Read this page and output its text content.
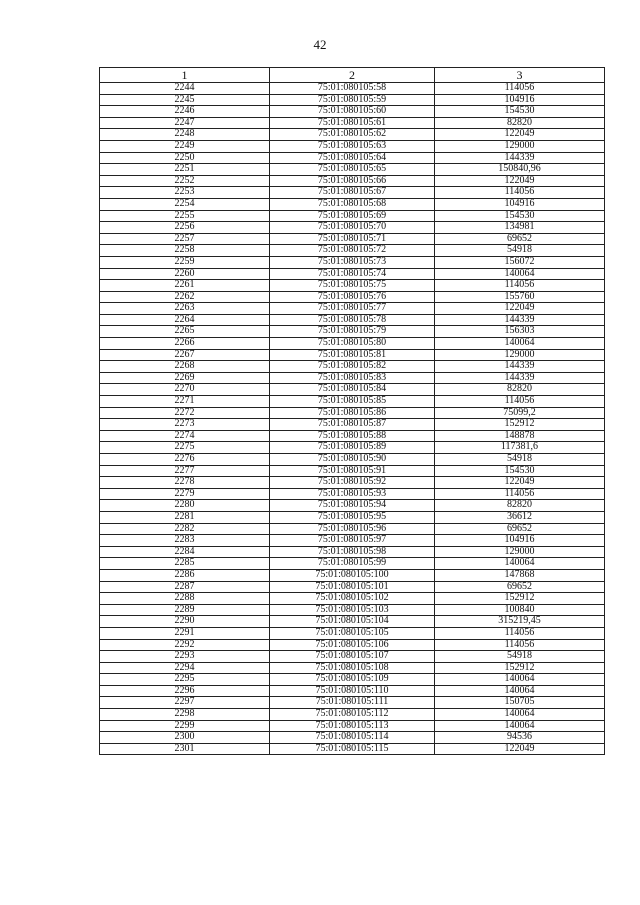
42
1	2	3
2244	75:01:080105:58	114056
2245	75:01:080105:59	104916
2246	75:01:080105:60	154530
2247	75:01:080105:61	82820
2248	75:01:080105:62	122049
2249	75:01:080105:63	129000
2250	75:01:080105:64	144339
2251	75:01:080105:65	150840,96
2252	75:01:080105:66	122049
2253	75:01:080105:67	114056
2254	75:01:080105:68	104916
2255	75:01:080105:69	154530
2256	75:01:080105:70	134981
2257	75:01:080105:71	69652
2258	75:01:080105:72	54918
2259	75:01:080105:73	156072
2260	75:01:080105:74	140064
2261	75:01:080105:75	114056
2262	75:01:080105:76	155760
2263	75:01:080105:77	122049
2264	75:01:080105:78	144339
2265	75:01:080105:79	156303
2266	75:01:080105:80	140064
2267	75:01:080105:81	129000
2268	75:01:080105:82	144339
2269	75:01:080105:83	144339
2270	75:01:080105:84	82820
2271	75:01:080105:85	114056
2272	75:01:080105:86	75099,2
2273	75:01:080105:87	152912
2274	75:01:080105:88	148878
2275	75:01:080105:89	117381,6
2276	75:01:080105:90	54918
2277	75:01:080105:91	154530
2278	75:01:080105:92	122049
2279	75:01:080105:93	114056
2280	75:01:080105:94	82820
2281	75:01:080105:95	36612
2282	75:01:080105:96	69652
2283	75:01:080105:97	104916
2284	75:01:080105:98	129000
2285	75:01:080105:99	140064
2286	75:01:080105:100	147868
2287	75:01:080105:101	69652
2288	75:01:080105:102	152912
2289	75:01:080105:103	100840
2290	75:01:080105:104	315219,45
2291	75:01:080105:105	114056
2292	75:01:080105:106	114056
2293	75:01:080105:107	54918
2294	75:01:080105:108	152912
2295	75:01:080105:109	140064
2296	75:01:080105:110	140064
2297	75:01:080105:111	150705
2298	75:01:080105:112	140064
2299	75:01:080105:113	140064
2300	75:01:080105:114	94536
2301	75:01:080105:115	122049
